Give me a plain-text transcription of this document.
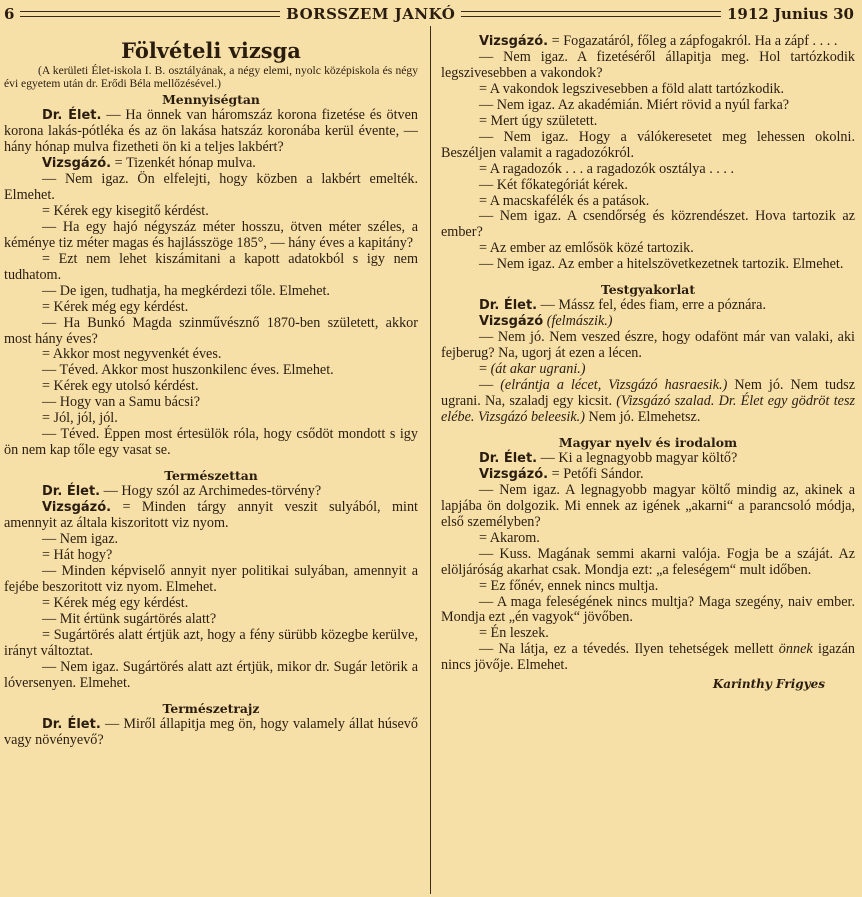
6	BORSSZEM JANKÓ	1912 Junius 30
Fölvételi vizsga

(A kerületi Élet-iskola I. B. osztályának, a négy elemi, nyolc középiskola és négy évi egyetem után dr. Erődi Béla mellőzésével.)

Mennyiségtan

Dr. Élet. — Ha önnek van háromszáz korona fizetése és ötven korona lakás-pótléka és az ön lakása hatszáz koronába kerül évente, — hány hónap mulva fizetheti ön ki a teljes lakbért?

Vizsgázó. = Tizenkét hónap mulva.

— Nem igaz. Ön elfelejti, hogy közben a lakbért emelték. Elmehet.

= Kérek egy kisegitő kérdést.

— Ha egy hajó négyszáz méter hosszu, ötven méter széles, a kéménye tiz méter magas és hajlásszöge 185°, — hány éves a kapitány?

= Ezt nem lehet kiszámitani a kapott adatokból s igy nem tudhatom.

— De igen, tudhatja, ha megkérdezi tőle. Elmehet.

= Kérek még egy kérdést.

— Ha Bunkó Magda szinművésznő 1870-ben született, akkor most hány éves?

= Akkor most negyvenkét éves.

— Téved. Akkor most huszonkilenc éves. Elmehet.

= Kérek egy utolsó kérdést.

— Hogy van a Samu bácsi?

= Jól, jól, jól.

— Téved. Éppen most értesülök róla, hogy csődöt mondott s igy ön nem kap tőle egy vasat se.

Természettan

Dr. Élet. — Hogy szól az Archimedes-törvény?

Vizsgázó. = Minden tárgy annyit veszit sulyából, mint amennyit az általa kiszoritott viz nyom.

— Nem igaz.

= Hát hogy?

— Minden képviselő annyit nyer politikai sulyában, amennyit a fejébe beszoritott viz nyom. Elmehet.

= Kérek még egy kérdést.

— Mit értünk sugártörés alatt?

= Sugártörés alatt értjük azt, hogy a fény sürübb közegbe kerülve, irányt változtat.

— Nem igaz. Sugártörés alatt azt értjük, mikor dr. Sugár letörik a lóversenyen. Elmehet.

Természetrajz

Dr. Élet. — Miről állapitja meg ön, hogy valamely állat húsevő vagy növényevő?

Vizsgázó. = Fogazatáról, főleg a zápfogakról. Ha a zápf . . . .

— Nem igaz. A fizetéséről állapitja meg. Hol tartózkodik legszivesebben a vakondok?

= A vakondok legszivesebben a föld alatt tartózkodik.

— Nem igaz. Az akadémián. Miért rövid a nyúl farka?

= Mert úgy született.

— Nem igaz. Hogy a válókeresetet meg lehessen okolni. Beszéljen valamit a ragadozókról.

= A ragadozók . . . a ragadozók osztálya . . . .

— Két főkategóriát kérek.

= A macskafélék és a patások.

— Nem igaz. A csendőrség és közrendészet. Hova tartozik az ember?

= Az ember az emlősök közé tartozik.

— Nem igaz. Az ember a hitelszövetkezetnek tartozik. Elmehet.

Testgyakorlat

Dr. Élet. — Mássz fel, édes fiam, erre a póznára.

Vizsgázó (felmászik.)

— Nem jó. Nem veszed észre, hogy odafönt már van valaki, aki fejberug? Na, ugorj át ezen a lécen.

= (át akar ugrani.)

— (elrántja a lécet, Vizsgázó hasraesik.) Nem jó. Nem tudsz ugrani. Na, szaladj egy kicsit. (Vizsgázó szalad. Dr. Élet egy gödröt tesz elébe. Vizsgázó beleesik.) Nem jó. Elmehetsz.

Magyar nyelv és irodalom

Dr. Élet. — Ki a legnagyobb magyar költő?

Vizsgázó. = Petőfi Sándor.

— Nem igaz. A legnagyobb magyar költő mindig az, akinek a lapjába ön dolgozik. Mi ennek az igének „akarni“ a parancsoló módja, első személyben?

= Akarom.

— Kuss. Magának semmi akarni valója. Fogja be a száját. Az elöljáróság akarhat csak. Mondja ezt: „a feleségem“ mult időben.

= Ez főnév, ennek nincs multja.

— A maga feleségének nincs multja? Maga szegény, naiv ember. Mondja ezt „én vagyok“ jövőben.

= Én leszek.

— Na látja, ez a tévedés. Ilyen tehetségek mellett önnek igazán nincs jövője. Elmehet.

Karinthy Frigyes
